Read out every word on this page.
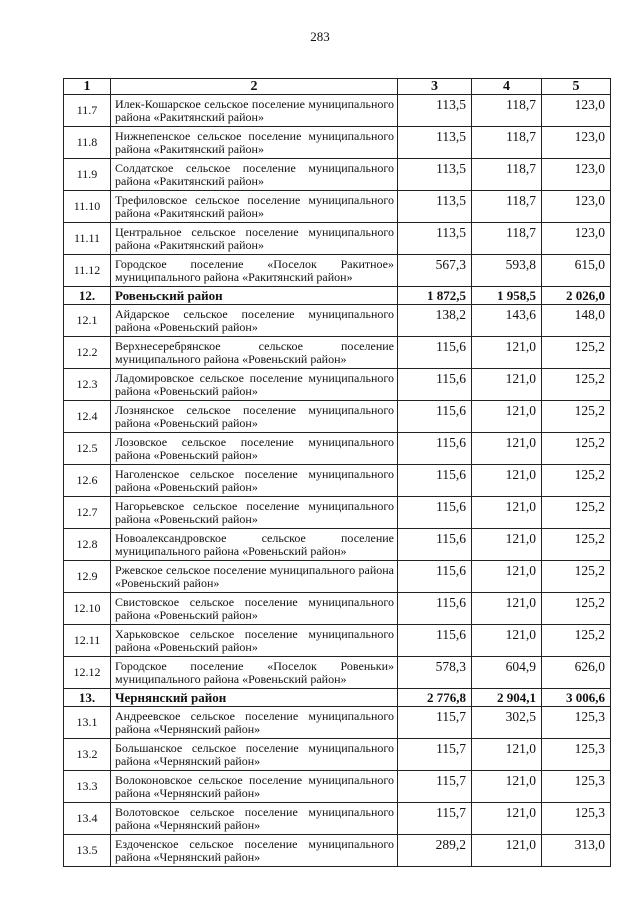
283
1	2	3	4	5
11.7	Илек-Кошарское сельское поселение муниципального района «Ракитянский район»	113,5	118,7	123,0
11.8	Нижнепенское сельское поселение муниципального района «Ракитянский район»	113,5	118,7	123,0
11.9	Солдатское сельское поселение муниципального района «Ракитянский район»	113,5	118,7	123,0
11.10	Трефиловское сельское поселение муниципального района «Ракитянский район»	113,5	118,7	123,0
11.11	Центральное сельское поселение муниципального района «Ракитянский район»	113,5	118,7	123,0
11.12	Городское поселение «Поселок Ракитное» муниципального района «Ракитянский район»	567,3	593,8	615,0
12.	Ровеньский район	1 872,5	1 958,5	2 026,0
12.1	Айдарское сельское поселение муниципального района «Ровеньский район»	138,2	143,6	148,0
12.2	Верхнесеребрянское сельское поселение муниципального района «Ровеньский район»	115,6	121,0	125,2
12.3	Ладомировское сельское поселение муниципального района «Ровеньский район»	115,6	121,0	125,2
12.4	Лознянское сельское поселение муниципального района «Ровеньский район»	115,6	121,0	125,2
12.5	Лозовское сельское поселение муниципального района «Ровеньский район»	115,6	121,0	125,2
12.6	Наголенское сельское поселение муниципального района «Ровеньский район»	115,6	121,0	125,2
12.7	Нагорьевское сельское поселение муниципального района «Ровеньский район»	115,6	121,0	125,2
12.8	Новоалександровское сельское поселение муниципального района «Ровеньский район»	115,6	121,0	125,2
12.9	Ржевское сельское поселение муниципального района «Ровеньский район»	115,6	121,0	125,2
12.10	Свистовское сельское поселение муниципального района «Ровеньский район»	115,6	121,0	125,2
12.11	Харьковское сельское поселение муниципального района «Ровеньский район»	115,6	121,0	125,2
12.12	Городское поселение «Поселок Ровеньки» муниципального района «Ровеньский район»	578,3	604,9	626,0
13.	Чернянский район	2 776,8	2 904,1	3 006,6
13.1	Андреевское сельское поселение муниципального района «Чернянский район»	115,7	302,5	125,3
13.2	Большанское сельское поселение муниципального района «Чернянский район»	115,7	121,0	125,3
13.3	Волоконовское сельское поселение муниципального района «Чернянский район»	115,7	121,0	125,3
13.4	Волотовское сельское поселение муниципального района «Чернянский район»	115,7	121,0	125,3
13.5	Ездоченское сельское поселение муниципального района «Чернянский район»	289,2	121,0	313,0
